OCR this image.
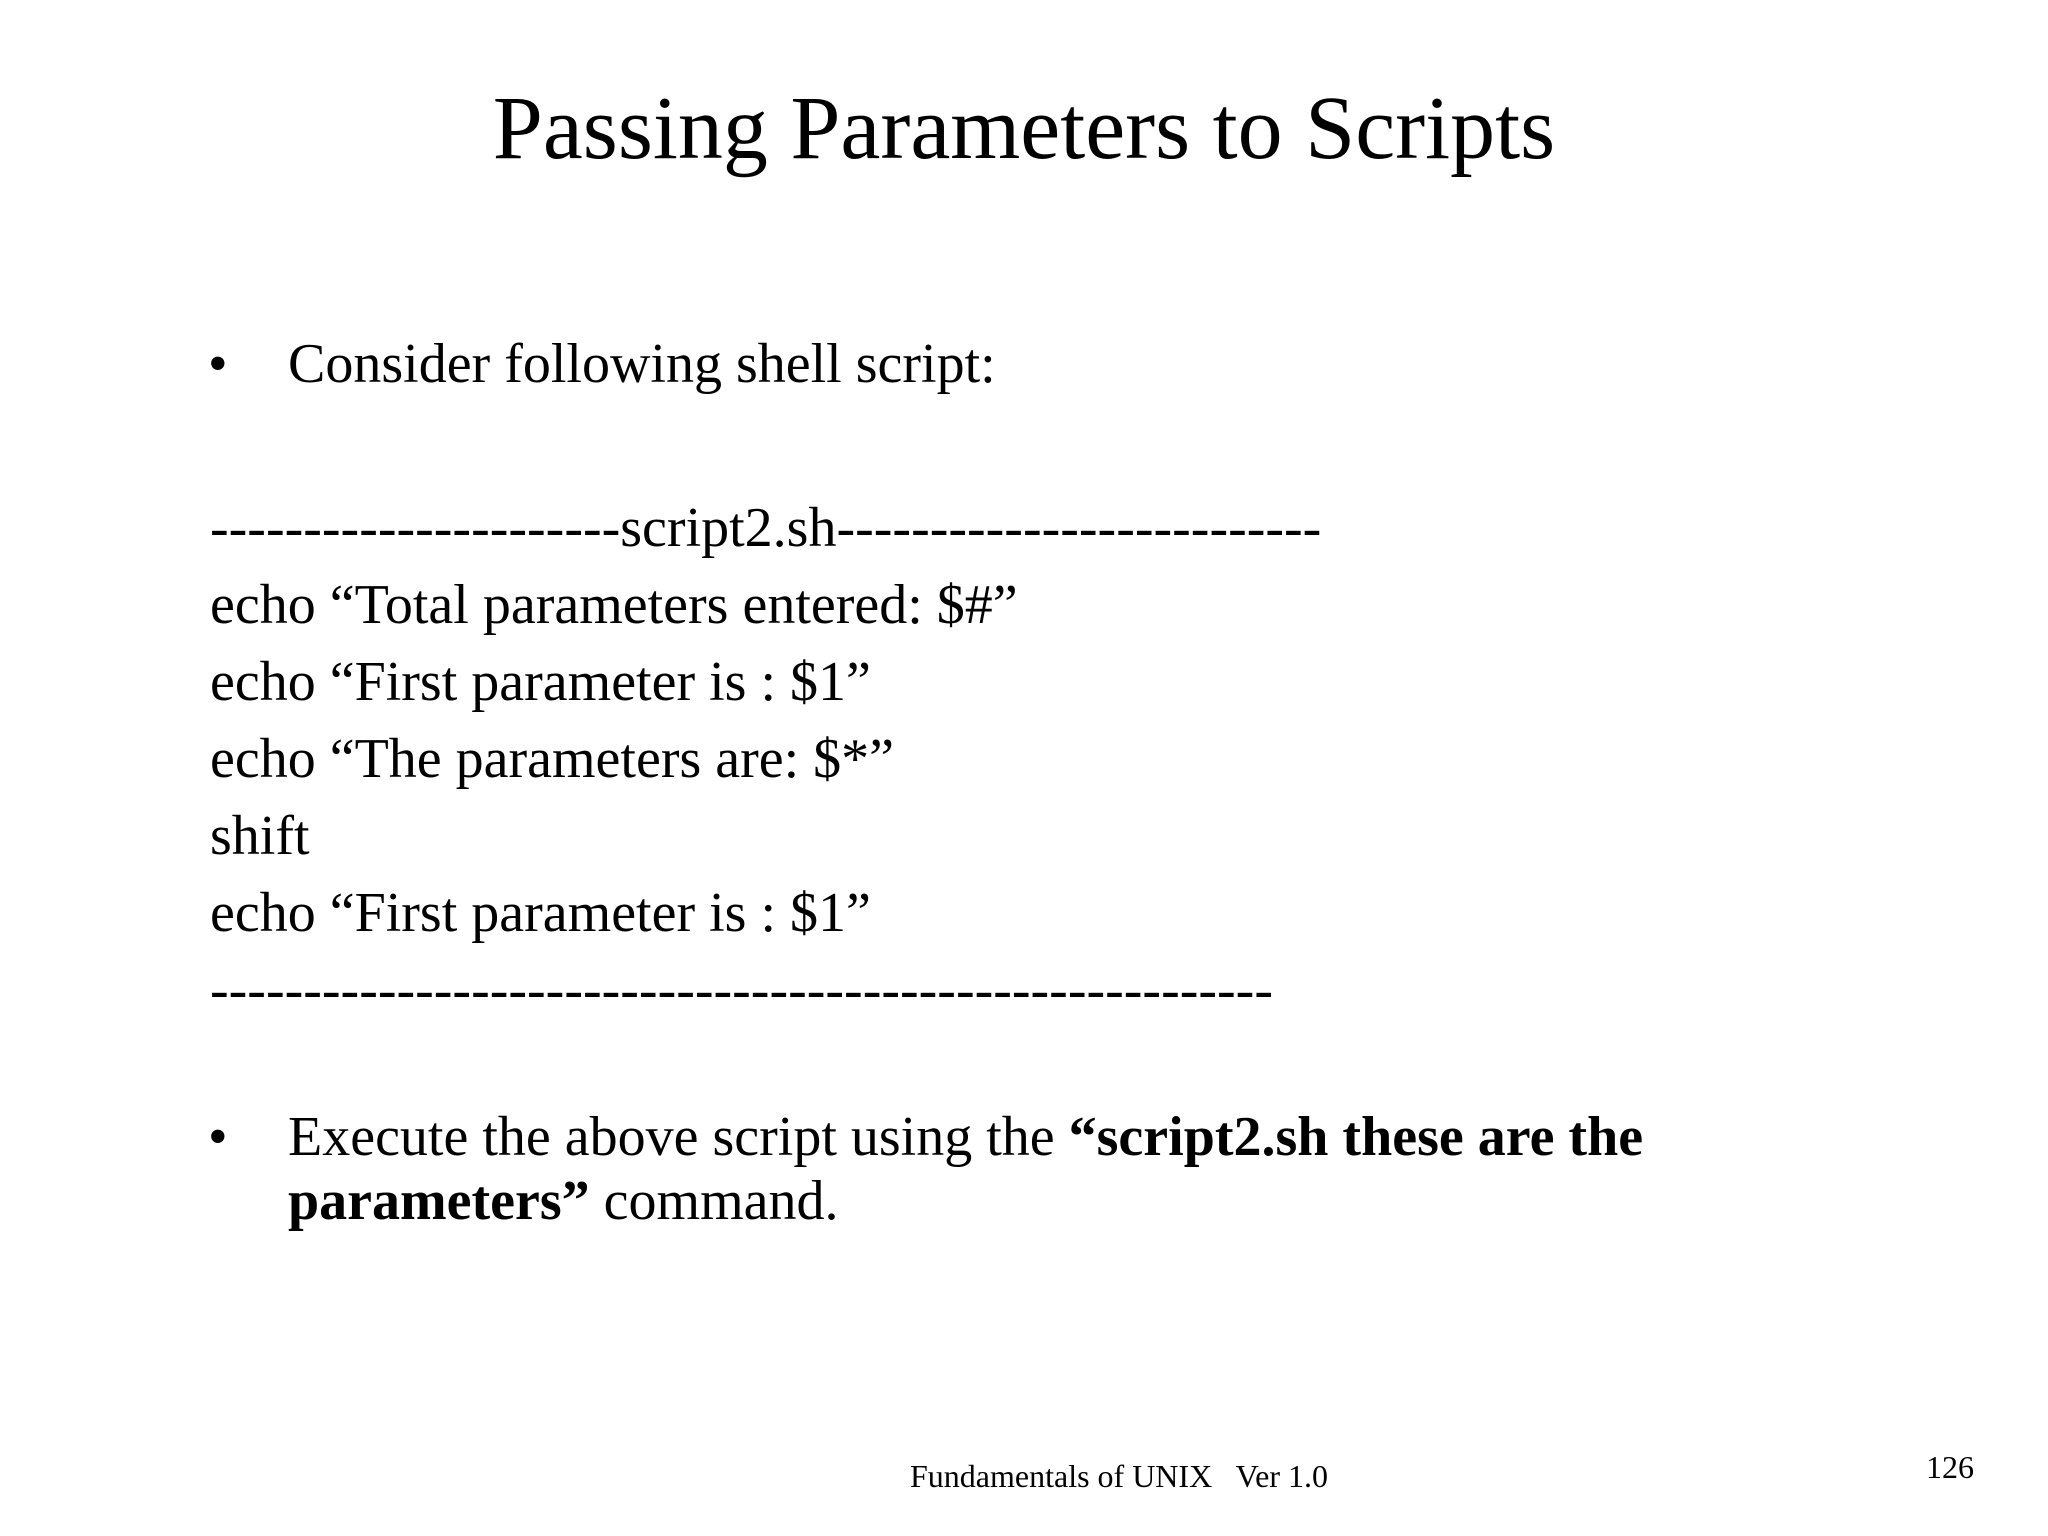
Passing Parameters to Scripts
•	Consider following shell script:
----------------------script2.sh--------------------------
echo “Total parameters entered: $#”
echo “First parameter is : $1”
echo “The parameters are: $*”
shift
echo “First parameter is : $1”
---------------------------------------------------------
•	Execute the above script using the “script2.sh these are the parameters” command.
Fundamentals of UNIX   Ver 1.0	126
